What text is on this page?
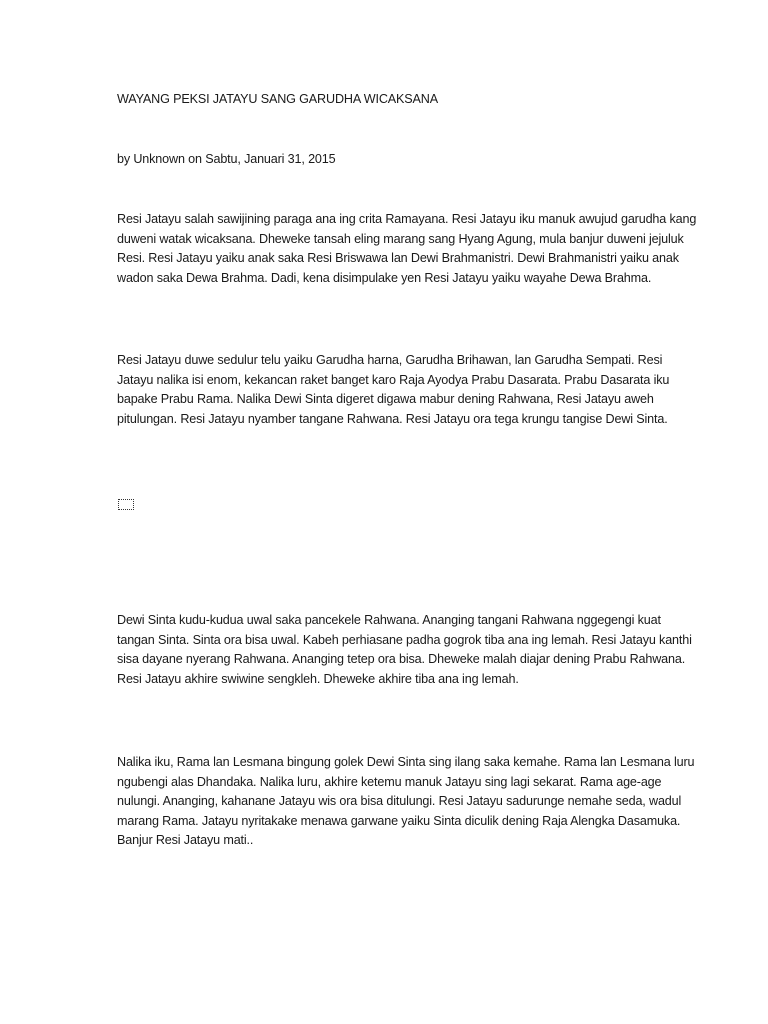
WAYANG PEKSI JATAYU SANG GARUDHA WICAKSANA
by Unknown on Sabtu, Januari 31, 2015
Resi Jatayu salah sawijining paraga ana ing crita Ramayana. Resi Jatayu iku manuk awujud garudha kang
duweni watak wicaksana. Dheweke tansah eling marang sang Hyang Agung, mula banjur duweni jejuluk
Resi. Resi Jatayu yaiku anak saka Resi Briswawa lan Dewi Brahmanistri. Dewi Brahmanistri yaiku anak
wadon saka Dewa Brahma. Dadi, kena disimpulake yen Resi Jatayu yaiku wayahe Dewa Brahma.
Resi Jatayu duwe sedulur telu yaiku Garudha harna, Garudha Brihawan, lan Garudha Sempati. Resi
Jatayu nalika isi enom, kekancan raket banget karo Raja Ayodya Prabu Dasarata. Prabu Dasarata iku
bapake Prabu Rama. Nalika Dewi Sinta digeret digawa mabur dening Rahwana, Resi Jatayu aweh
pitulungan. Resi Jatayu nyamber tangane Rahwana. Resi Jatayu ora tega krungu tangise Dewi Sinta.
Dewi Sinta kudu-kudua uwal saka pancekele Rahwana. Ananging tangani Rahwana nggegengi kuat
tangan Sinta. Sinta ora bisa uwal. Kabeh perhiasane padha gogrok tiba ana ing lemah. Resi Jatayu kanthi
sisa dayane nyerang Rahwana. Ananging tetep ora bisa. Dheweke malah diajar dening Prabu Rahwana.
Resi Jatayu akhire swiwine sengkleh. Dheweke akhire tiba ana ing lemah.
Nalika iku, Rama lan Lesmana bingung golek Dewi Sinta sing ilang saka kemahe. Rama lan Lesmana luru
ngubengi alas Dhandaka. Nalika luru, akhire ketemu manuk Jatayu sing lagi sekarat. Rama age-age
nulungi. Ananging, kahanane Jatayu wis ora bisa ditulungi. Resi Jatayu sadurunge nemahe seda, wadul
marang Rama. Jatayu nyritakake menawa garwane yaiku Sinta diculik dening Raja Alengka Dasamuka.
Banjur Resi Jatayu mati..
